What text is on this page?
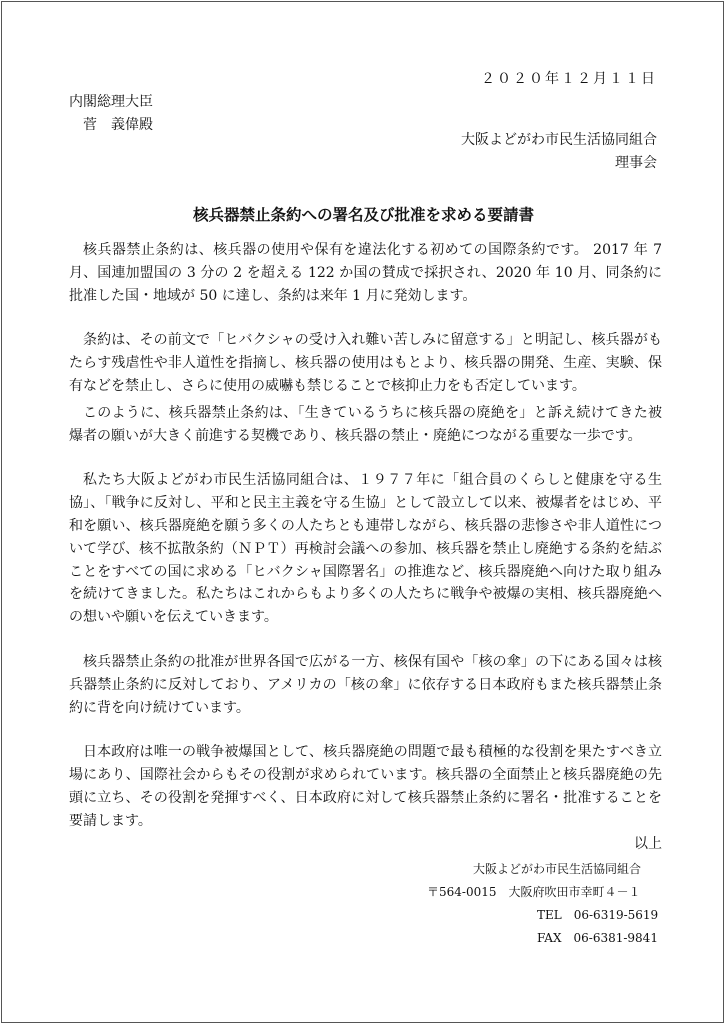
２０２０年１２月１１日
内閣総理大臣
菅　義偉殿
大阪よどがわ市民生活協同組合
理事会
核兵器禁止条約への署名及び批准を求める要請書

核兵器禁止条約は、核兵器の使用や保有を違法化する初めての国際条約です。 2017 年 7 月、国連加盟国の 3 分の 2 を超える 122 か国の賛成で採択され、2020 年 10 月、同条約に批准した国・地域が 50 に達し、条約は来年 1 月に発効します。

条約は、その前文で「ヒバクシャの受け入れ難い苦しみに留意する」と明記し、核兵器がもたらす残虐性や非人道性を指摘し、核兵器の使用はもとより、核兵器の開発、生産、実験、保有などを禁止し、さらに使用の威嚇も禁じることで核抑止力をも否定しています。

このように、核兵器禁止条約は、｢生きているうちに核兵器の廃絶を」と訴え続けてきた被爆者の願いが大きく前進する契機であり、核兵器の禁止・廃絶につながる重要な一歩です。

私たち大阪よどがわ市民生活協同組合は、１９７７年に「組合員のくらしと健康を守る生協」、「戦争に反対し、平和と民主主義を守る生協」として設立して以来、被爆者をはじめ、平和を願い、核兵器廃絶を願う多くの人たちとも連帯しながら、核兵器の悲惨さや非人道性について学び、核不拡散条約（ＮＰＴ）再検討会議への参加、核兵器を禁止し廃絶する条約を結ぶことをすべての国に求める「ヒバクシャ国際署名」の推進など、核兵器廃絶へ向けた取り組みを続けてきました。私たちはこれからもより多くの人たちに戦争や被爆の実相、核兵器廃絶への想いや願いを伝えていきます。

核兵器禁止条約の批准が世界各国で広がる一方、核保有国や「核の傘」の下にある国々は核兵器禁止条約に反対しており、アメリカの「核の傘」に依存する日本政府もまた核兵器禁止条約に背を向け続けています。

日本政府は唯一の戦争被爆国として、核兵器廃絶の問題で最も積極的な役割を果たすべき立場にあり、国際社会からもその役割が求められています。核兵器の全面禁止と核兵器廃絶の先頭に立ち、その役割を発揮すべく、日本政府に対して核兵器禁止条約に署名・批准することを要請します。

以上
大阪よどがわ市民生活協同組合
〒564-0015　大阪府吹田市幸町４－１
TEL　06-6319-5619
FAX　06-6381-9841
